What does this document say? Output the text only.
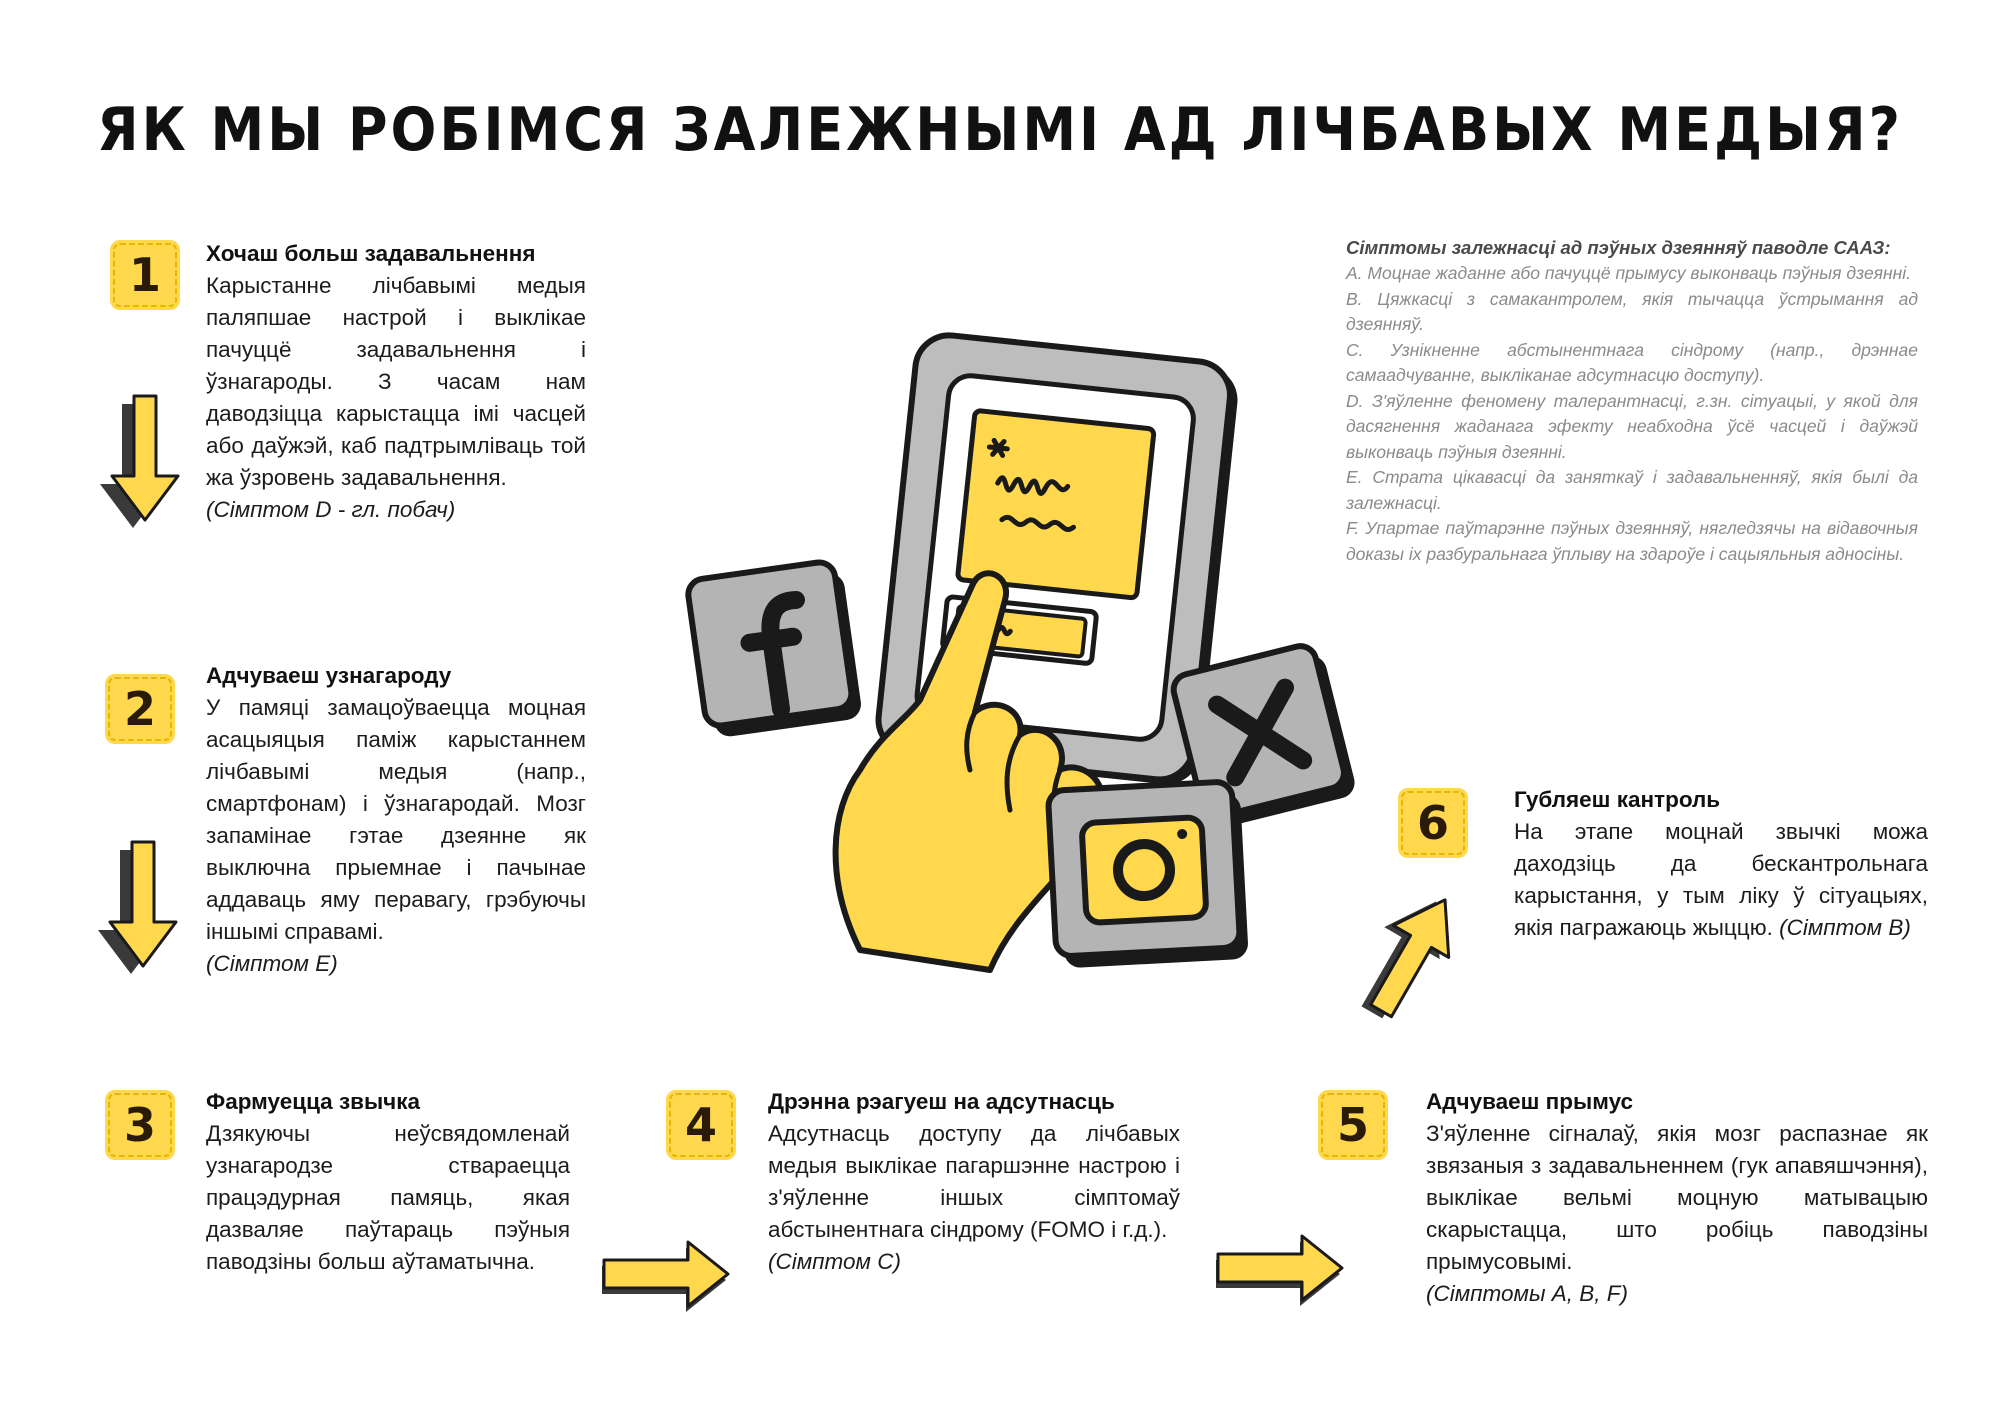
ЯК МЫ РОБІМСЯ ЗАЛЕЖНЫМІ АД ЛІЧБАВЫХ МЕДЫЯ?
1	Хочаш больш задавальнення

Карыстанне лічбавымі медыя паляпшае настрой і выклікае пачуццё задавальнення і ўзнагароды. З часам нам даводзіцца карыстацца імі часцей або даўжэй, каб падтрымліваць той жа ўзровень задавальнення.
(Сімптом D - гл. побач)

2
Адчуваеш узнагароду

У памяці замацоўваецца моцная асацыяцыя паміж карыстаннем лічбавымі медыя (напр., смартфонам) і ўзнагародай. Мозг запамінае гэтае дзеянне як выключна прыемнае і пачынае аддаваць яму перавагу, грэбуючы іншымі справамі.
(Сімптом E)

3	Фармуецца звычка

Дзякуючы неўсвядомленай узнагародзе ствараецца працэдурная памяць, якая дазваляе паўтараць пэўныя паводзіны больш аўтаматычна.

4	Дрэнна рэагуеш на адсутнасць

Адсутнасць доступу да лічбавых медыя выклікае пагаршэнне настрою і з'яўленне іншых сімптомаў абстынентнага сіндрому (FOMO і г.д.).
(Сімптом C)

5	Адчуваеш прымус

З'яўленне сігналаў, якія мозг распазнае як звязаныя з задавальненнем (гук апавяшчэння), выклікае вельмі моцную матывацыю скарыстацца, што робіць паводзіны прымусовымі.
(Сімптомы A, B, F)

6	Губляеш кантроль

На этапе моцнай звычкі можа даходзіць да бескантрольнага карыстання, у тым ліку ў сітуацыях, якія пагражаюць жыццю. (Сімптом B)

Сімптомы залежнасці ад пэўных дзеянняў паводле СААЗ:

A. Моцнае жаданне або пачуццё прымусу выконваць пэўныя дзеянні.

B. Цяжкасці з самакантролем, якія тычацца ўстрымання ад дзеянняў.

C. Узнікненне абстынентнага сіндрому (напр., дрэннае самаадчуванне, выкліканае адсутнасцю доступу).

D. З'яўленне феномену талерантнасці, г.зн. сітуацыі, у якой для дасягнення жаданага эфекту неабходна ўсё часцей і даўжэй выконваць пэўныя дзеянні.

E. Страта цікавасці да заняткаў і задавальненняў, якія былі да залежнасці.

F. Упартае паўтарэнне пэўных дзеянняў, нягледзячы на відавочныя доказы іх разбуральнага ўплыву на здароўе і сацыяльныя адносіны.
